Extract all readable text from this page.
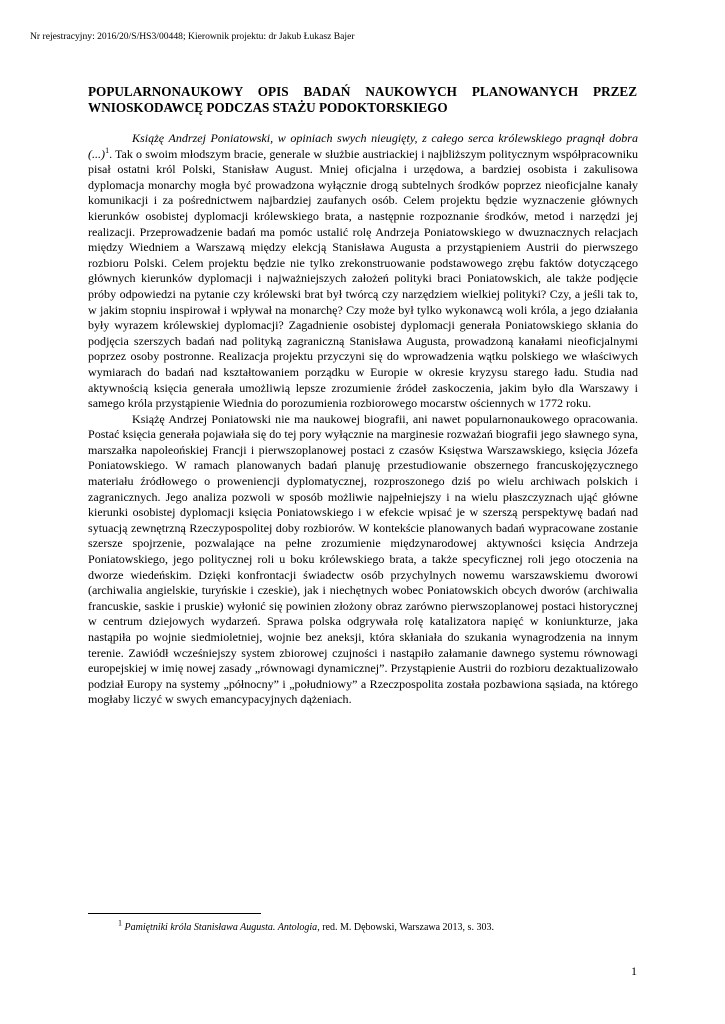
Nr rejestracyjny: 2016/20/S/HS3/00448; Kierownik projektu: dr Jakub Łukasz Bajer
POPULARNONAUKOWY OPIS BADAŃ NAUKOWYCH PLANOWANYCH PRZEZ WNIOSKODAWCĘ PODCZAS STAŻU PODOKTORSKIEGO

Książę Andrzej Poniatowski, w opiniach swych nieugięty, z całego serca królewskiego pragnął dobra (...)$^1$. Tak o swoim młodszym bracie, generale w służbie austriackiej i najbliższym politycznym współpracowniku pisał ostatni król Polski, Stanisław August. Mniej oficjalna i urzędowa, a bardziej osobista i zakulisowa dyplomacja monarchy mogła być prowadzona wyłącznie drogą subtelnych środków poprzez nieoficjalne kanały komunikacji i za pośrednictwem najbardziej zaufanych osób. Celem projektu będzie wyznaczenie głównych kierunków osobistej dyplomacji królewskiego brata, a następnie rozpoznanie środków, metod i narzędzi jej realizacji. Przeprowadzenie badań ma pomóc ustalić rolę Andrzeja Poniatowskiego w dwuznacznych relacjach między Wiedniem a Warszawą między elekcją Stanisława Augusta a przystąpieniem Austrii do pierwszego rozbioru Polski. Celem projektu będzie nie tylko zrekonstruowanie podstawowego zrębu faktów dotyczącego głównych kierunków dyplomacji i najważniejszych założeń polityki braci Poniatowskich, ale także podjęcie próby odpowiedzi na pytanie czy królewski brat był twórcą czy narzędziem wielkiej polityki? Czy, a jeśli tak to, w jakim stopniu inspirował i wpływał na monarchę? Czy może był tylko wykonawcą woli króla, a jego działania były wyrazem królewskiej dyplomacji? Zagadnienie osobistej dyplomacji generała Poniatowskiego skłania do podjęcia szerszych badań nad polityką zagraniczną Stanisława Augusta, prowadzoną kanałami nieoficjalnymi poprzez osoby postronne. Realizacja projektu przyczyni się do wprowadzenia wątku polskiego we właściwych wymiarach do badań nad kształtowaniem porządku w Europie w okresie kryzysu starego ładu. Studia nad aktywnością księcia generała umożliwią lepsze zrozumienie źródeł zaskoczenia, jakim było dla Warszawy i samego króla przystąpienie Wiednia do porozumienia rozbiorowego mocarstw ościennych w 1772 roku.

Książę Andrzej Poniatowski nie ma naukowej biografii, ani nawet popularnonaukowego opracowania. Postać księcia generała pojawiała się do tej pory wyłącznie na marginesie rozważań biografii jego sławnego syna, marszałka napoleońskiej Francji i pierwszoplanowej postaci z czasów Księstwa Warszawskiego, księcia Józefa Poniatowskiego. W ramach planowanych badań planuję przestudiowanie obszernego francuskojęzycznego materiału źródłowego o proweniencji dyplomatycznej, rozproszonego dziś po wielu archiwach polskich i zagranicznych. Jego analiza pozwoli w sposób możliwie najpełniejszy i na wielu płaszczyznach ująć główne kierunki osobistej dyplomacji księcia Poniatowskiego i w efekcie wpisać je w szerszą perspektywę badań nad sytuacją zewnętrzną Rzeczypospolitej doby rozbiorów. W kontekście planowanych badań wypracowane zostanie szersze spojrzenie, pozwalające na pełne zrozumienie międzynarodowej aktywności księcia Andrzeja Poniatowskiego, jego politycznej roli u boku królewskiego brata, a także specyficznej roli jego otoczenia na dworze wiedeńskim. Dzięki konfrontacji świadectw osób przychylnych nowemu warszawskiemu dworowi (archiwalia angielskie, turyńskie i czeskie), jak i niechętnych wobec Poniatowskich obcych dworów (archiwalia francuskie, saskie i pruskie) wyłonić się powinien złożony obraz zarówno pierwszoplanowej postaci historycznej w centrum dziejowych wydarzeń. Sprawa polska odgrywała rolę katalizatora napięć w koniunkturze, jaka nastąpiła po wojnie siedmioletniej, wojnie bez aneksji, która skłaniała do szukania wynagrodzenia na innym terenie. Zawiódł wcześniejszy system zbiorowej czujności i nastąpiło załamanie dawnego systemu równowagi europejskiej w imię nowej zasady „równowagi dynamicznej”. Przystąpienie Austrii do rozbioru dezaktualizowało podział Europy na systemy „północny” i „południowy” a Rzeczpospolita została pozbawiona sąsiada, na którego mogłaby liczyć w swych emancypacyjnych dążeniach.

$^1$ Pamiętniki króla Stanisława Augusta. Antologia, red. M. Dębowski, Warszawa 2013, s. 303.
1
